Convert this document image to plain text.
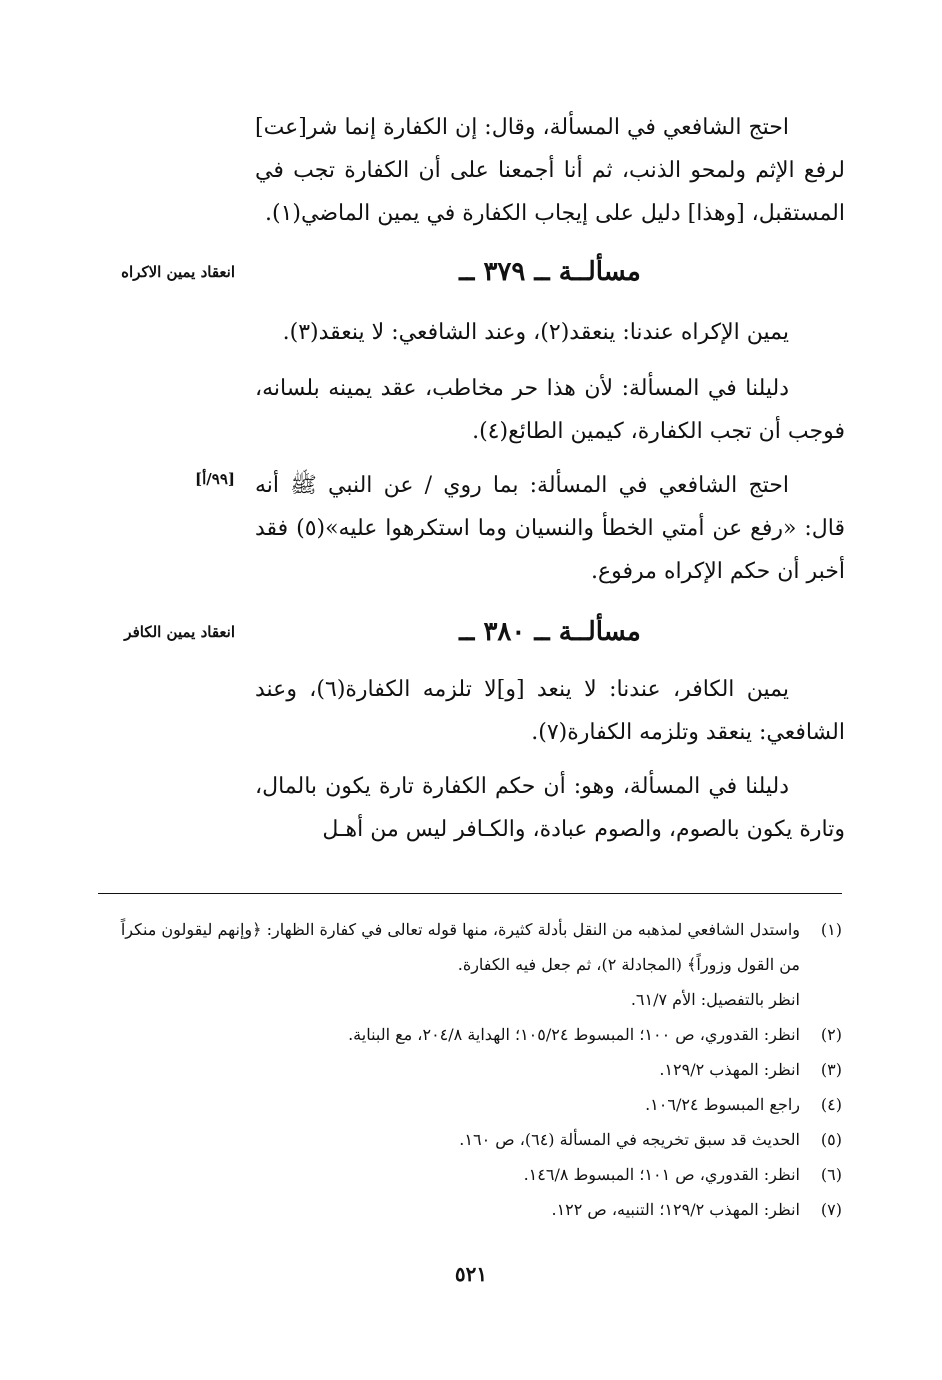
احتج الشافعي في المسألة، وقال: إن الكفارة إنما شر[عت] لرفع الإثم ولمحو الذنب، ثم أنا أجمعنا على أن الكفارة تجب في المستقبل، [وهذا] دليل على إيجاب الكفارة في يمين الماضي(١).

مسألــة ــ ٣٧٩ ــ
انعقاد يمين الاكراه

يمين الإكراه عندنا: ينعقد(٢)، وعند الشافعي: لا ينعقد(٣).

دليلنا في المسألة: لأن هذا حر مخاطب، عقد يمينه بلسانه، فوجب أن تجب الكفارة، كيمين الطائع(٤).

[٩٩/أ] احتج الشافعي في المسألة: بما روي / عن النبي ﷺ أنه قال: «رفع عن أمتي الخطأ والنسيان وما استكرهوا عليه»(٥) فقد أخبر أن حكم الإكراه مرفوع.

مسألــة ــ ٣٨٠ ــ
انعقاد يمين الكافر

يمين الكافر، عندنا: لا ينعد [و]لا تلزمه الكفارة(٦)، وعند الشافعي: ينعقد وتلزمه الكفارة(٧).

دليلنا في المسألة، وهو: أن حكم الكفارة تارة يكون بالمال، وتارة يكون بالصوم، والصوم عبادة، والكـافر ليس من أهـل

(١)
واستدل الشافعي لمذهبه من النقل بأدلة كثيرة، منها قوله تعالى في كفارة الظهار: ﴿وإنهم ليقولون منكراً من القول وزوراً﴾ (المجادلة ٢)، ثم جعل فيه الكفارة.

انظر بالتفصيل: الأم ٦١/٧.

(٢)
انظر: القدوري، ص ١٠٠؛ المبسوط ١٠٥/٢٤؛ الهداية ٢٠٤/٨، مع البناية.

(٣)
انظر: المهذب ١٢٩/٢.

(٤)
راجع المبسوط ١٠٦/٢٤.

(٥)
الحديث قد سبق تخريجه في المسألة (٦٤)، ص ١٦٠.

(٦)
انظر: القدوري، ص ١٠١؛ المبسوط ١٤٦/٨.

(٧)
انظر: المهذب ١٢٩/٢؛ التنبيه، ص ١٢٢.

٥٢١
